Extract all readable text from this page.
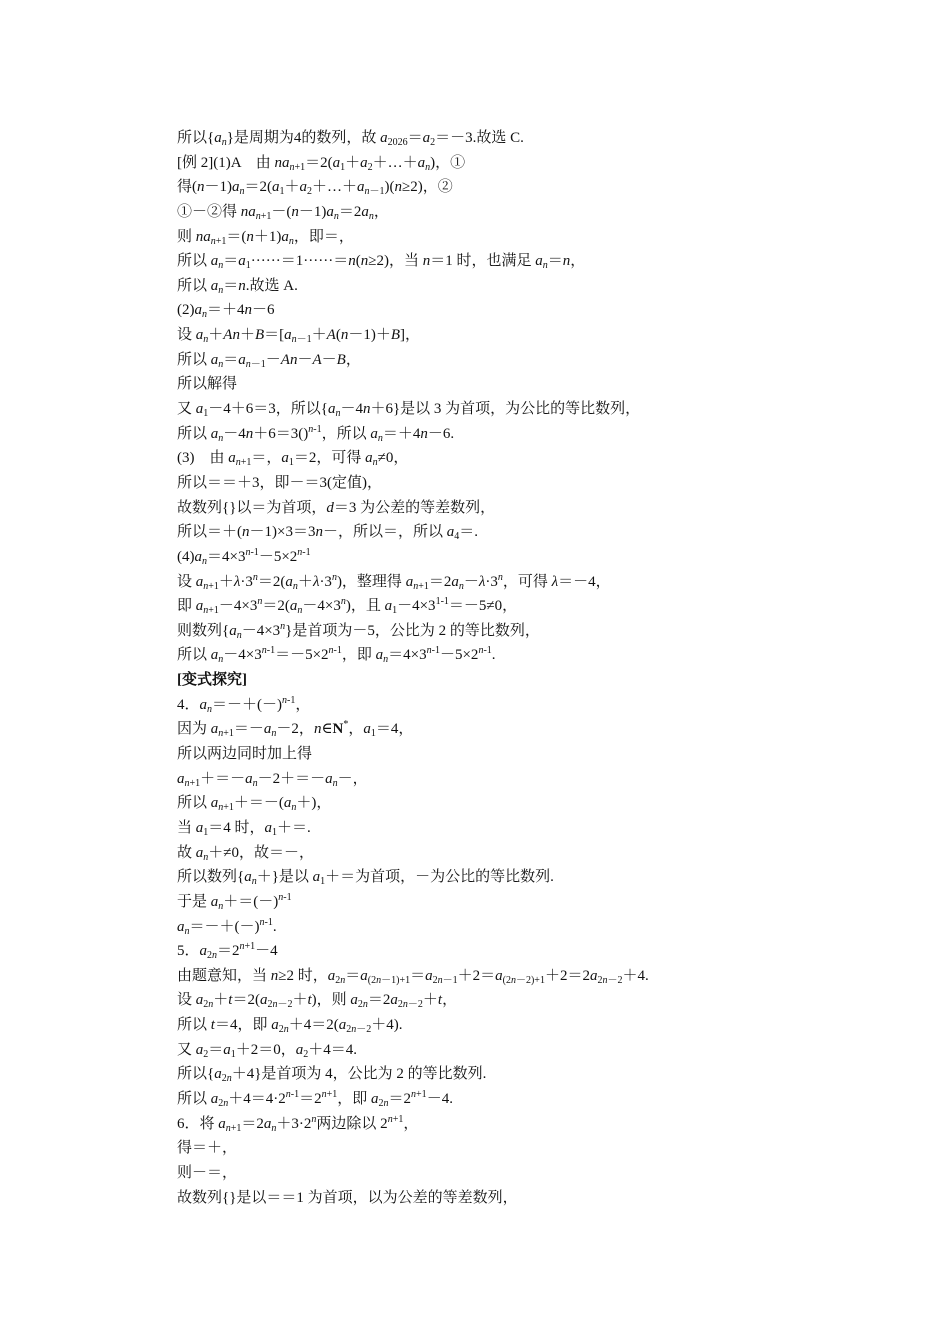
所以$\{a_n\}$是周期为4的数列，故 $a_{2026}=a_2=-3$.故选 C.
[例 2](1)A　由 $na_{n+1}=2(a_1+a_2+\dots+a_n)$，①
得$(n-1)a_n=2(a_1+a_2+\dots+a_{n-1})(n\ge 2)$，②
①－②得 $na_{n+1}-(n-1)a_n=2a_n$，
则 $na_{n+1}=(n+1)a_n$，即＝，
所以 $a_n=a_1\cdot\cdot\cdot\cdot\cdot\cdot=1\cdot\cdot\cdot\cdot\cdot\cdot=n(n\ge 2)$，当 n＝1 时，也满足 $a_n=n$，
所以 $a_n=n$.故选 A.
$(2)a_n=+4n-6$
设 $a_n+An+B=[a_{n-1}+A(n-1)+B]$，
所以 $a_n=a_{n-1}-An-A-B$，
所以解得
又 $a_1-4+6=3$，所以$\{a_n-4n+6\}$是以 3 为首项，为公比的等比数列，
所以 $a_n-4n+6=3()^{n-1}$，所以 $a_n=+4n-6$.
(3)　由 $a_{n+1}=$，$a_1=2$，可得 $a_n\ne 0$，
所以＝＝＋3，即－＝3(定值)，
故数列{}以＝为首项，d＝3 为公差的等差数列，
所以＝＋(n－1)×3＝3n－，所以＝，所以 $a_4=$.
$(4)a_n=4\times 3^{n-1}-5\times 2^{n-1}$
设 $a_{n+1}+\lambda\cdot 3^n=2(a_n+\lambda\cdot 3^n)$，整理得 $a_{n+1}=2a_n-\lambda\cdot 3^n$，可得 λ＝－4，
即 $a_{n+1}-4\times 3^n=2(a_n-4\times 3^n)$，且 $a_1-4\times 3^{1-1}=-5\ne 0$，
则数列$\{a_n-4\times 3^n\}$是首项为－5，公比为 2 的等比数列，
所以 $a_n-4\times 3^{n-1}=-5\times 2^{n-1}$，即 $a_n=4\times 3^{n-1}-5\times 2^{n-1}$.
[变式探究]
4．$a_n=-+(-)^{n-1}$，
因为 $a_{n+1}=-a_n-2$，n∈N*，$a_1=4$，
所以两边同时加上得
$a_{n+1}+=-a_n-2+=-a_n-$，
所以 $a_{n+1}+=-(a_n+)$，
当 $a_1=4$ 时，$a_1+=$.
故 $a_n+\ne 0$，故＝－，
所以数列$\{a_n+\}$是以 $a_1+=$为首项，－为公比的等比数列.
于是 $a_n+=(-)^{n-1}$
$a_n=-+(-)^{n-1}$.
5．$a_{2n}=2^{n+1}-4$
由题意知，当 n≥2 时，$a_{2n}=a_{(2n-1)+1}=a_{2n-1}+2=a_{(2n-2)+1}+2=2a_{2n-2}+4$.
设 $a_{2n}+t=2(a_{2n-2}+t)$，则 $a_{2n}=2a_{2n-2}+t$，
所以 t＝4，即 $a_{2n}+4=2(a_{2n-2}+4)$.
又 $a_2=a_1+2=0$，$a_2+4=4$.
所以$\{a_{2n}+4\}$是首项为 4，公比为 2 的等比数列.
所以 $a_{2n}+4=4\cdot 2^{n-1}=2^{n+1}$，即 $a_{2n}=2^{n+1}-4$.
6．将 $a_{n+1}=2a_n+3\cdot 2^n$两边除以 $2^{n+1}$，
得＝＋，
则－＝，
故数列{}是以＝＝1 为首项，以为公差的等差数列，
